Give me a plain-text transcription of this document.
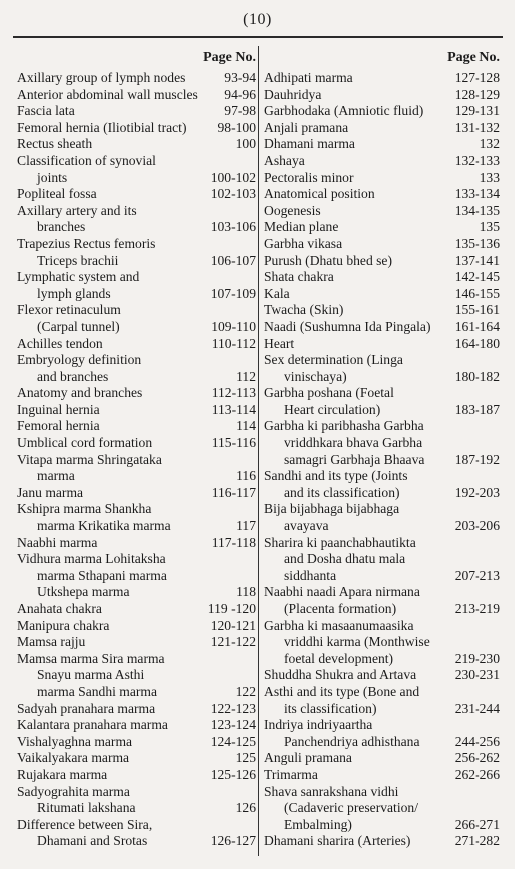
(10)
Page No.
Axillary group of lymph nodes	93-94
Anterior abdominal wall muscles 94-96
Fascia lata	97-98
Femoral hernia (Iliotibial tract) 98-100
Rectus sheath	100
Classification of synovial
joints	100-102
Popliteal fossa	102-103
Axillary artery and its
branches	103-106
Trapezius Rectus femoris
Triceps brachii	106-107
Lymphatic system and
lymph glands	107-109
Flexor retinaculum
(Carpal tunnel)	109-110
Achilles tendon	110-112
Embryology definition
and branches	112
Anatomy and branches	112-113
Inguinal hernia	113-114
Femoral hernia	114
Umblical cord formation	115-116
Vitapa marma Shringataka
marma	116
Janu marma	116-117
Kshipra marma Shankha
marma Krikatika marma	117
Naabhi marma	117-118
Vidhura marma Lohitaksha
marma Sthapani marma
Utkshepa marma	118
Anahata chakra	119 -120
Manipura chakra	120-121
Mamsa rajju	121-122
Mamsa marma Sira marma
Snayu marma Asthi
marma Sandhi marma	122
Sadyah pranahara marma	122-123
Kalantara pranahara marma	123-124
Vishalyaghna marma	124-125
Vaikalyakara marma	125
Rujakara marma	125-126
Sadyograhita marma
Ritumati lakshana	126
Difference between Sira,
Dhamani and Srotas	126-127
Page No.
Adhipati marma	127-128
Dauhridya	128-129
Garbhodaka (Amniotic fluid) 129-131
Anjali pramana	131-132
Dhamani marma	132
Ashaya	132-133
Pectoralis minor	133
Anatomical position	133-134
Oogenesis	134-135
Median plane	135
Garbha vikasa	135-136
Purush (Dhatu bhed se)	137-141
Shata chakra	142-145
Kala	146-155
Twacha (Skin)	155-161
Naadi (Sushumna Ida Pingala) 161-164
Heart	164-180
Sex determination (Linga
vinischaya)	180-182
Garbha poshana (Foetal
Heart circulation)	183-187
Garbha ki paribhasha Garbha
vriddhkara bhava Garbha
samagri Garbhaja Bhaava 187-192
Sandhi and its type (Joints
and its classification)	192-203
Bija bijabhaga bijabhaga
avayava	203-206
Sharira ki paanchabhautikta
and Dosha dhatu mala
siddhanta	207-213
Naabhi naadi Apara nirmana
(Placenta formation)	213-219
Garbha ki masaanumaasika
vriddhi karma (Monthwise
foetal development)	219-230
Shuddha Shukra and Artava	230-231
Asthi and its type (Bone and
its classification)	231-244
Indriya indriyaartha
Panchendriya adhisthana	244-256
Anguli pramana	256-262
Trimarma	262-266
Shava sanrakshana vidhi
(Cadaveric preservation/
Embalming)	266-271
Dhamani sharira (Arteries)	271-282
